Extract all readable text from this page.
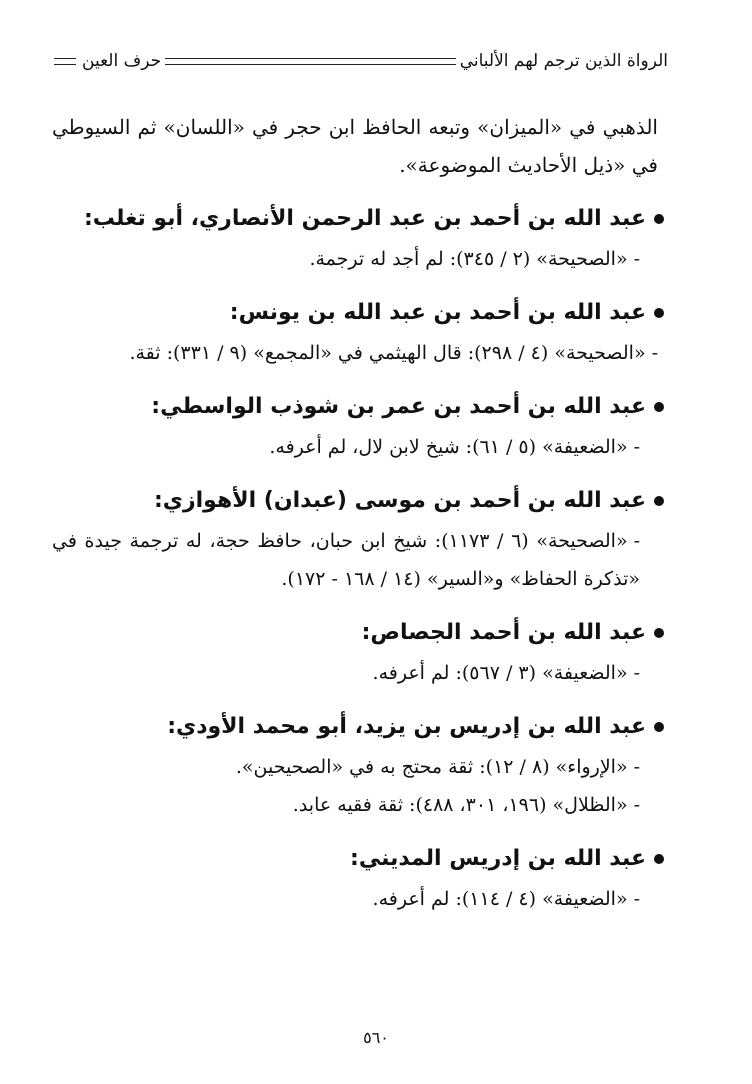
الرواة الذين ترجم لهم الألباني
حرف العين

الذهبي في «الميزان» وتبعه الحافظ ابن حجر في «اللسان» ثم السيوطي في «ذيل الأحاديث الموضوعة».

عبد الله بن أحمد بن عبد الرحمن الأنصاري، أبو تغلب:

-«الصحيحة» (٢ / ٣٤٥): لم أجد له ترجمة.

عبد الله بن أحمد بن عبد الله بن يونس:

-«الصحيحة» (٤ / ٢٩٨): قال الهيثمي في «المجمع» (٩ / ٣٣١): ثقة.

عبد الله بن أحمد بن عمر بن شوذب الواسطي:

-«الضعيفة» (٥ / ٦١): شيخ لابن لال، لم أعرفه.

عبد الله بن أحمد بن موسى (عبدان) الأهوازي:

-«الصحيحة» (٦ / ١١٧٣): شيخ ابن حبان، حافظ حجة، له ترجمة جيدة في «تذكرة الحفاظ» و«السير» (١٤ / ١٦٨ - ١٧٢).

عبد الله بن أحمد الجصاص:

-«الضعيفة» (٣ / ٥٦٧): لم أعرفه.

عبد الله بن إدريس بن يزيد، أبو محمد الأودي:

-«الإرواء» (٨ / ١٢): ثقة محتج به في «الصحيحين».

-«الظلال» (١٩٦، ٣٠١، ٤٨٨): ثقة فقيه عابد.

عبد الله بن إدريس المديني:

-«الضعيفة» (٤ / ١١٤): لم أعرفه.

٥٦٠
